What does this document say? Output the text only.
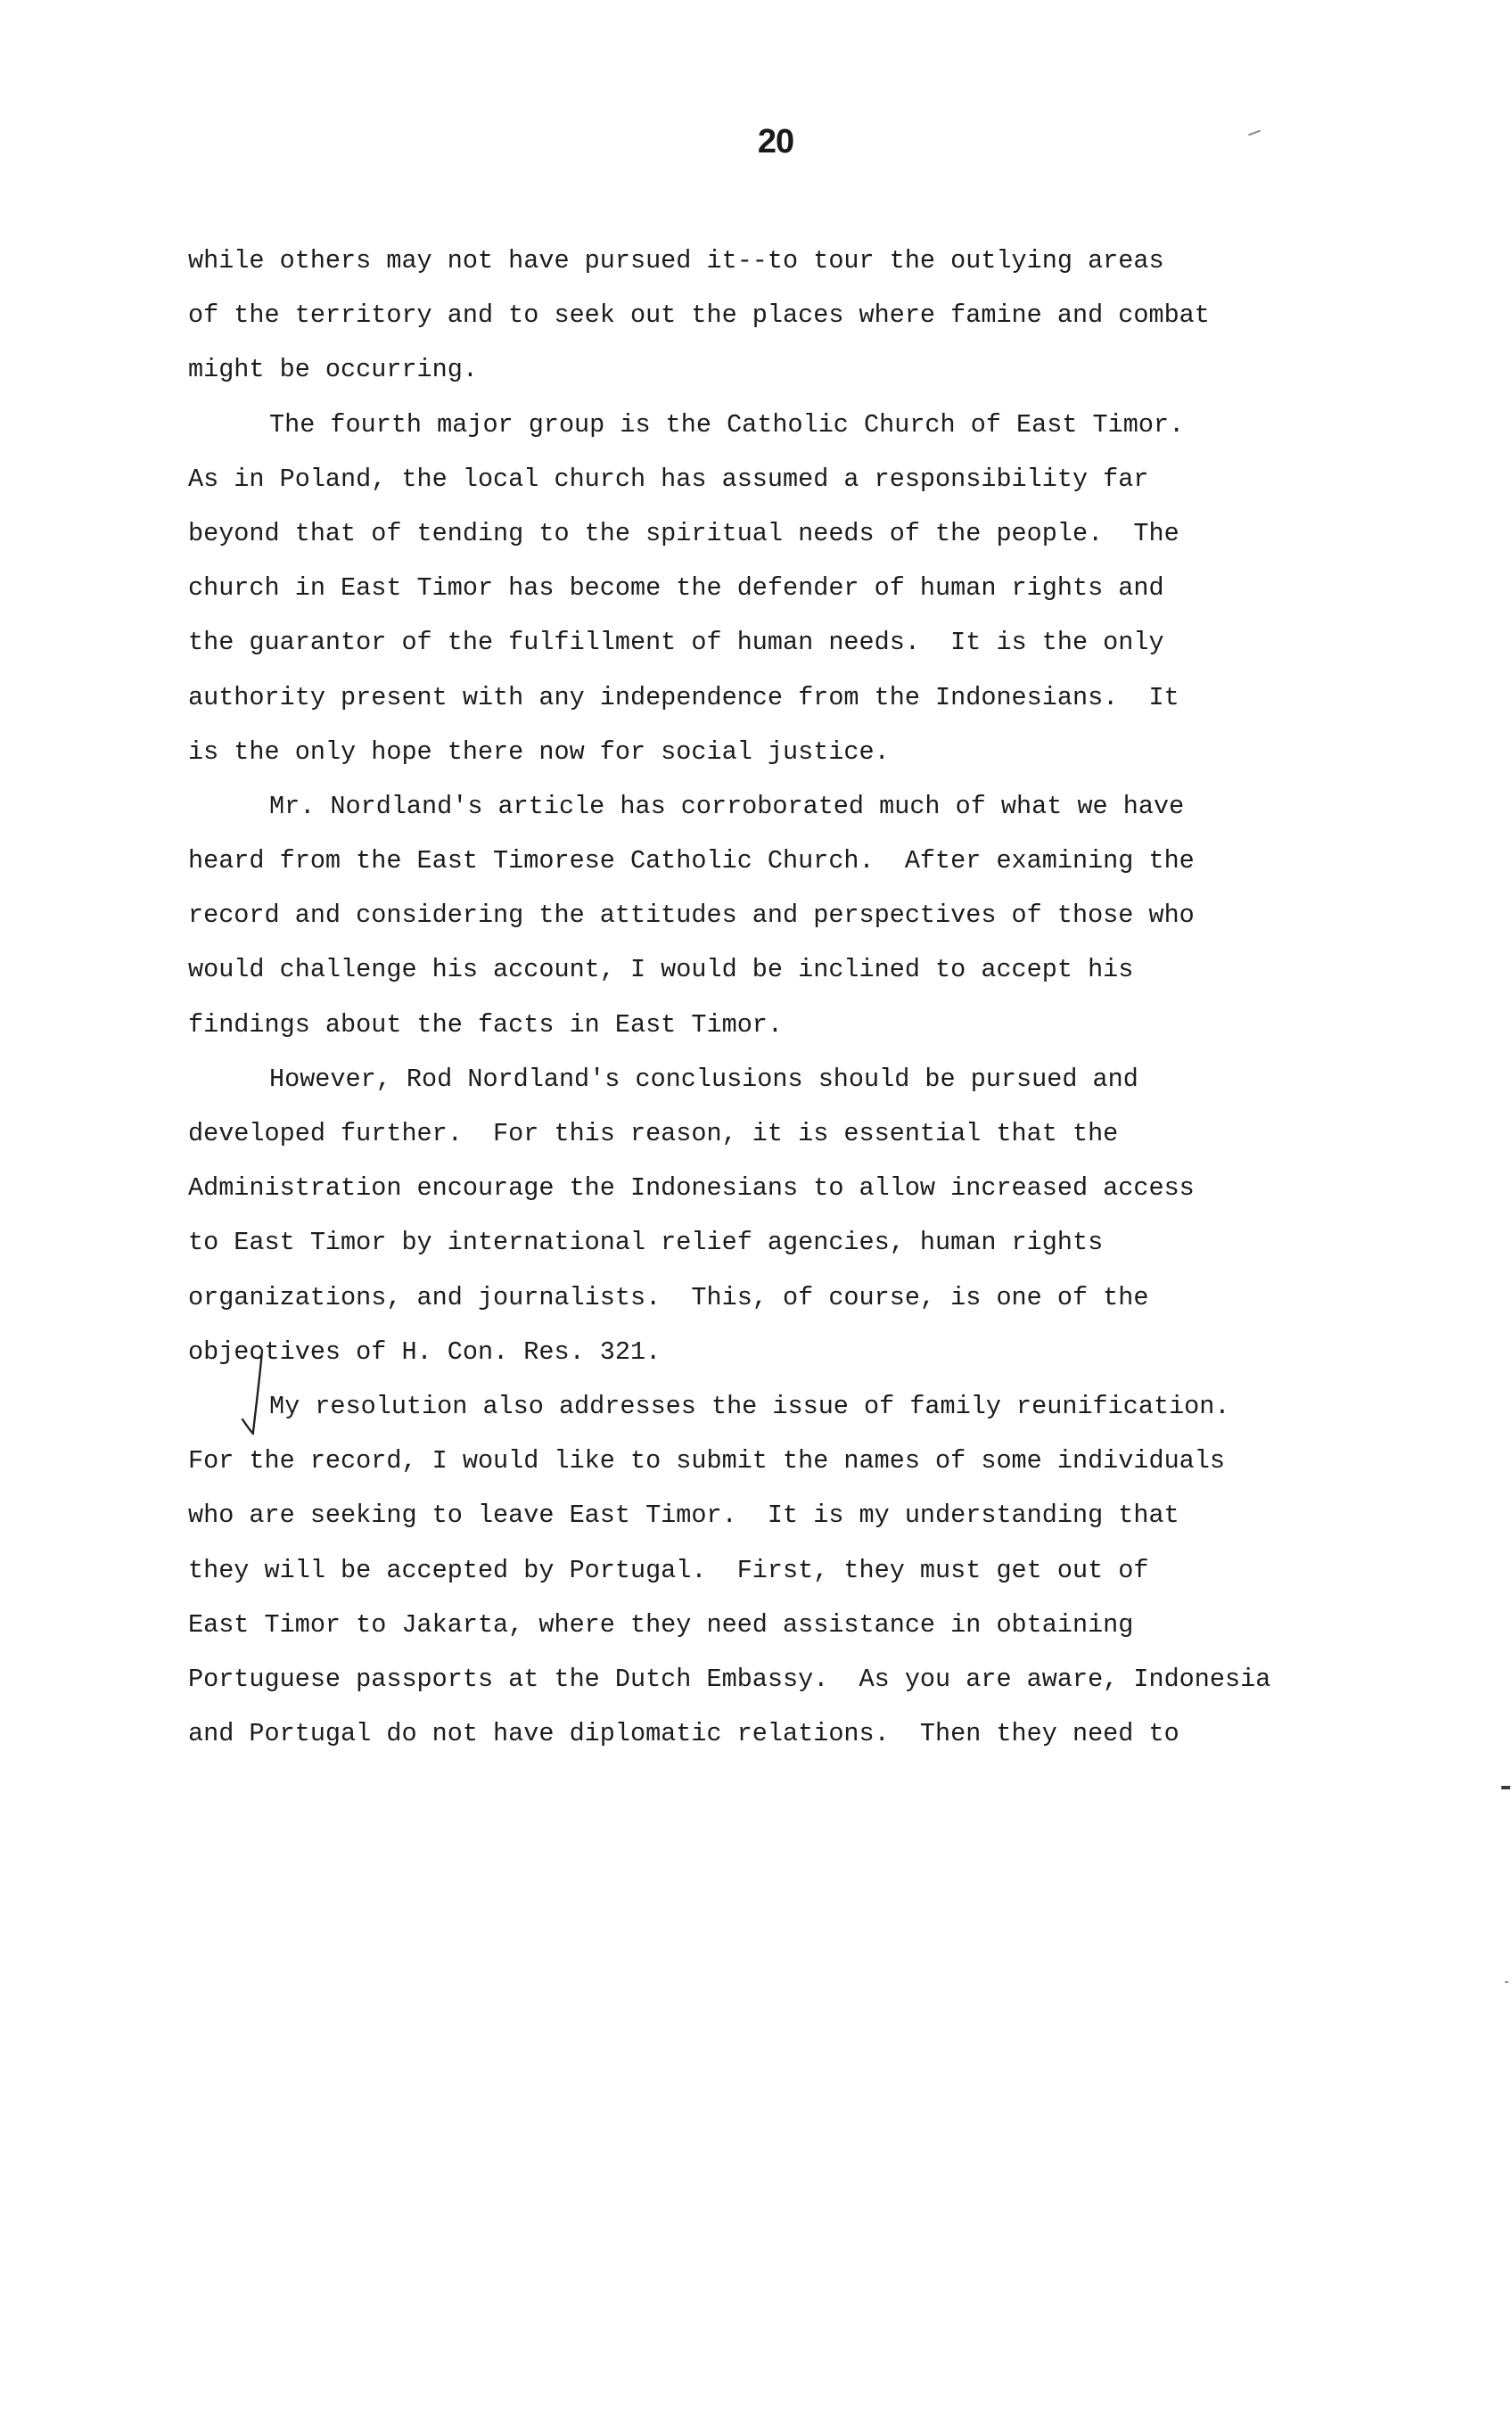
20
while others may not have pursued it--to tour the outlying areas
of the territory and to seek out the places where famine and combat
might be occurring.
The fourth major group is the Catholic Church of East Timor.
As in Poland, the local church has assumed a responsibility far
beyond that of tending to the spiritual needs of the people.  The
church in East Timor has become the defender of human rights and
the guarantor of the fulfillment of human needs.  It is the only
authority present with any independence from the Indonesians.  It
is the only hope there now for social justice.
Mr. Nordland's article has corroborated much of what we have
heard from the East Timorese Catholic Church.  After examining the
record and considering the attitudes and perspectives of those who
would challenge his account, I would be inclined to accept his
findings about the facts in East Timor.
However, Rod Nordland's conclusions should be pursued and
developed further.  For this reason, it is essential that the
Administration encourage the Indonesians to allow increased access
to East Timor by international relief agencies, human rights
organizations, and journalists.  This, of course, is one of the
objectives of H. Con. Res. 321.
My resolution also addresses the issue of family reunification.
For the record, I would like to submit the names of some individuals
who are seeking to leave East Timor.  It is my understanding that
they will be accepted by Portugal.  First, they must get out of
East Timor to Jakarta, where they need assistance in obtaining
Portuguese passports at the Dutch Embassy.  As you are aware, Indonesia
and Portugal do not have diplomatic relations.  Then they need to
